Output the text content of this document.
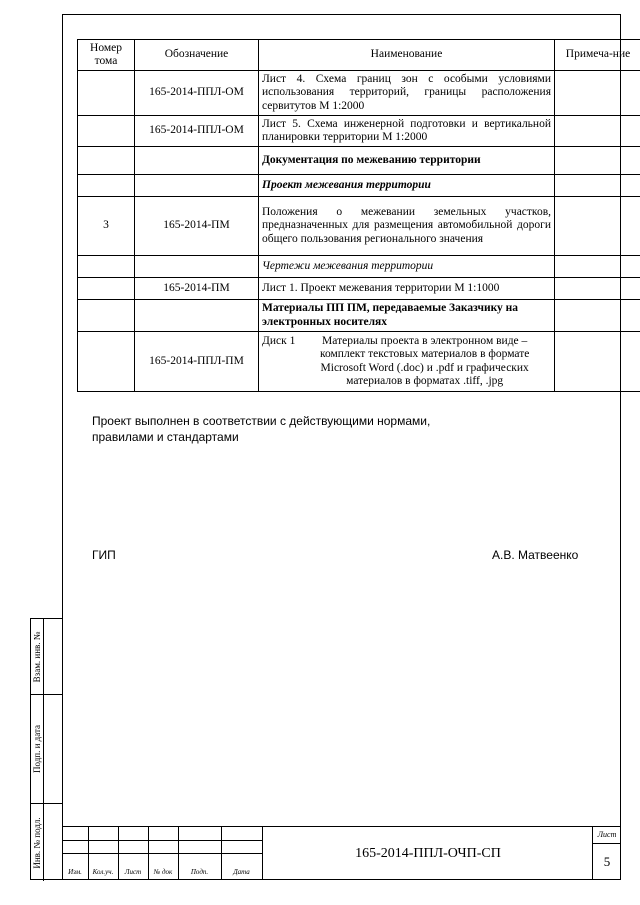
Номер тома	Обозначение	Наименование	Примеча-ние
	165-2014-ППЛ-ОМ	Лист 4. Схема границ зон с особыми условиями использования территорий, границы расположения сервитутов М 1:2000	
	165-2014-ППЛ-ОМ	Лист 5. Схема инженерной подготовки и вертикальной планировки территории М 1:2000	
		Документация по межеванию территории	
		Проект межевания территории	
3	165-2014-ПМ	Положения о межевании земельных участков, предназначенных для размещения автомобильной дороги общего пользования регионального значения	
		Чертежи межевания территории	
	165-2014-ПМ	Лист 1. Проект межевания территории М 1:1000	
		Материалы ПП ПМ, передаваемые Заказчику на электронных носителях	
	165-2014-ППЛ-ПМ	Диск 1 Материалы проекта в электронном виде – комплект текстовых материалов в формате Microsoft Word (.doc) и .pdf и графических материалов в форматах .tiff, .jpg	

Проект выполнен в соответствии с действующими нормами,
правилами и стандартами
ГИП	А.В. Матвеенко
Взам. инв. №
Подп. и дата
Инв. № подл.
Изм.	Кол.уч.	Лист	№ док	Подп.	Дата
165-2014-ППЛ-ОЧП-СП
Лист
5
